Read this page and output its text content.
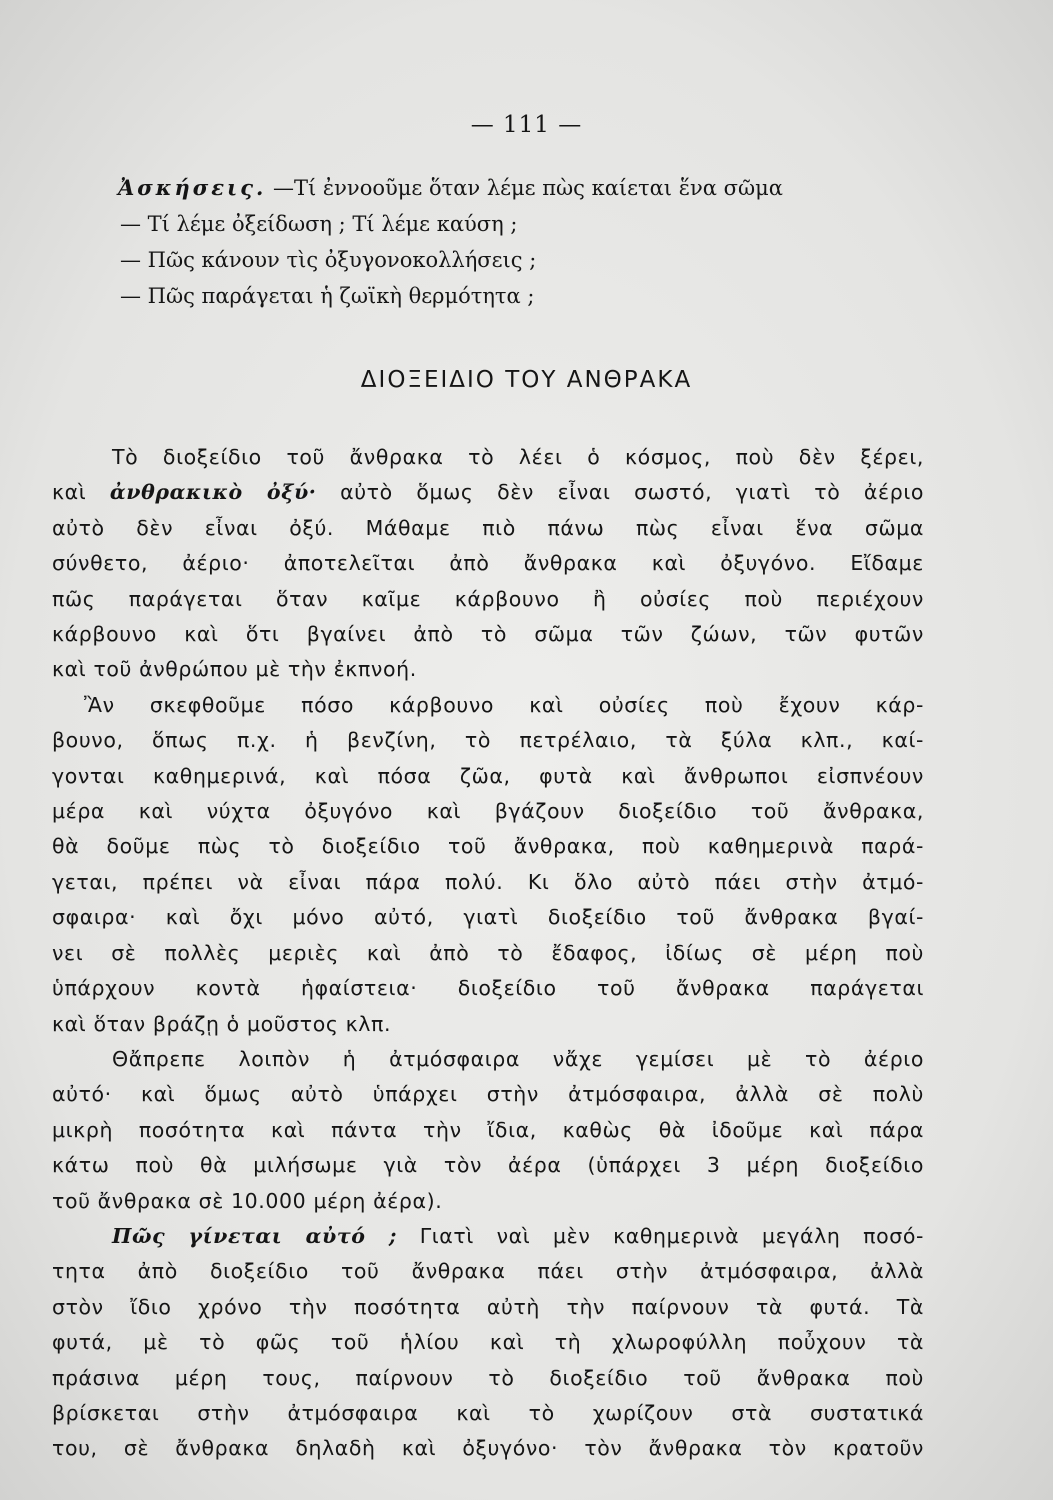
— 111 —
Ἀσκήσεις. —Τί ἐννοοῦμε ὅταν λέμε πὼς καίεται ἕνα σῶμα
— Τί λέμε ὀξείδωση ; Τί λέμε καύση ;
— Πῶς κάνουν τὶς ὀξυγονοκολλήσεις ;
— Πῶς παράγεται ἡ ζωϊκὴ θερμότητα ;
ΔΙΟΞΕΙΔΙΟ ΤΟΥ ΑΝΘΡΑΚΑ
Τὸ διοξείδιο τοῦ ἄνθρακα τὸ λέει ὁ κόσμος, ποὺ δὲν ξέρει,
καὶ ἀνθρακικὸ ὀξύ· αὐτὸ ὅμως δὲν εἶναι σωστό, γιατὶ τὸ ἀέριο
αὐτὸ δὲν εἶναι ὀξύ. Μάθαμε πιὸ πάνω πὼς εἶναι ἕνα σῶμα
σύνθετο, ἀέριο· ἀποτελεῖται ἀπὸ ἄνθρακα καὶ ὀξυγόνο. Εἴδαμε
πῶς παράγεται ὅταν καῖμε κάρβουνο ἢ οὐσίες ποὺ περιέχουν
κάρβουνο καὶ ὅτι βγαίνει ἀπὸ τὸ σῶμα τῶν ζώων, τῶν φυτῶν
καὶ τοῦ ἀνθρώπου μὲ τὴν ἐκπνοή.
Ἂν σκεφθοῦμε πόσο κάρβουνο καὶ οὐσίες ποὺ ἔχουν κάρ-
βουνο, ὅπως π.χ. ἡ βενζίνη, τὸ πετρέλαιο, τὰ ξύλα κλπ., καί-
γονται καθημερινά, καὶ πόσα ζῶα, φυτὰ καὶ ἄνθρωποι εἰσπνέουν
μέρα καὶ νύχτα ὀξυγόνο καὶ βγάζουν διοξείδιο τοῦ ἄνθρακα,
θὰ δοῦμε πὼς τὸ διοξείδιο τοῦ ἄνθρακα, ποὺ καθημερινὰ παρά-
γεται, πρέπει νὰ εἶναι πάρα πολύ. Κι ὅλο αὐτὸ πάει στὴν ἀτμό-
σφαιρα· καὶ ὄχι μόνο αὐτό, γιατὶ διοξείδιο τοῦ ἄνθρακα βγαί-
νει σὲ πολλὲς μεριὲς καὶ ἀπὸ τὸ ἔδαφος, ἰδίως σὲ μέρη ποὺ
ὑπάρχουν κοντὰ ἡφαίστεια· διοξείδιο τοῦ ἄνθρακα παράγεται
καὶ ὅταν βράζῃ ὁ μοῦστος κλπ.
Θἄπρεπε λοιπὸν ἡ ἀτμόσφαιρα νἄχε γεμίσει μὲ τὸ ἀέριο
αὐτό· καὶ ὅμως αὐτὸ ὑπάρχει στὴν ἀτμόσφαιρα, ἀλλὰ σὲ πολὺ
μικρὴ ποσότητα καὶ πάντα τὴν ἴδια, καθὼς θὰ ἰδοῦμε καὶ πάρα
κάτω ποὺ θὰ μιλήσωμε γιὰ τὸν ἀέρα (ὑπάρχει 3 μέρη διοξείδιο
τοῦ ἄνθρακα σὲ 10.000 μέρη ἀέρα).
Πῶς γίνεται αὐτό ; Γιατὶ ναὶ μὲν καθημερινὰ μεγάλη ποσό-
τητα ἀπὸ διοξείδιο τοῦ ἄνθρακα πάει στὴν ἀτμόσφαιρα, ἀλλὰ
στὸν ἴδιο χρόνο τὴν ποσότητα αὐτὴ τὴν παίρνουν τὰ φυτά. Τὰ
φυτά, μὲ τὸ φῶς τοῦ ἡλίου καὶ τὴ χλωροφύλλη ποὖχουν τὰ
πράσινα μέρη τους, παίρνουν τὸ διοξείδιο τοῦ ἄνθρακα ποὺ
βρίσκεται στὴν ἀτμόσφαιρα καὶ τὸ χωρίζουν στὰ συστατικά
του, σὲ ἄνθρακα δηλαδὴ καὶ ὀξυγόνο· τὸν ἄνθρακα τὸν κρατοῦν
